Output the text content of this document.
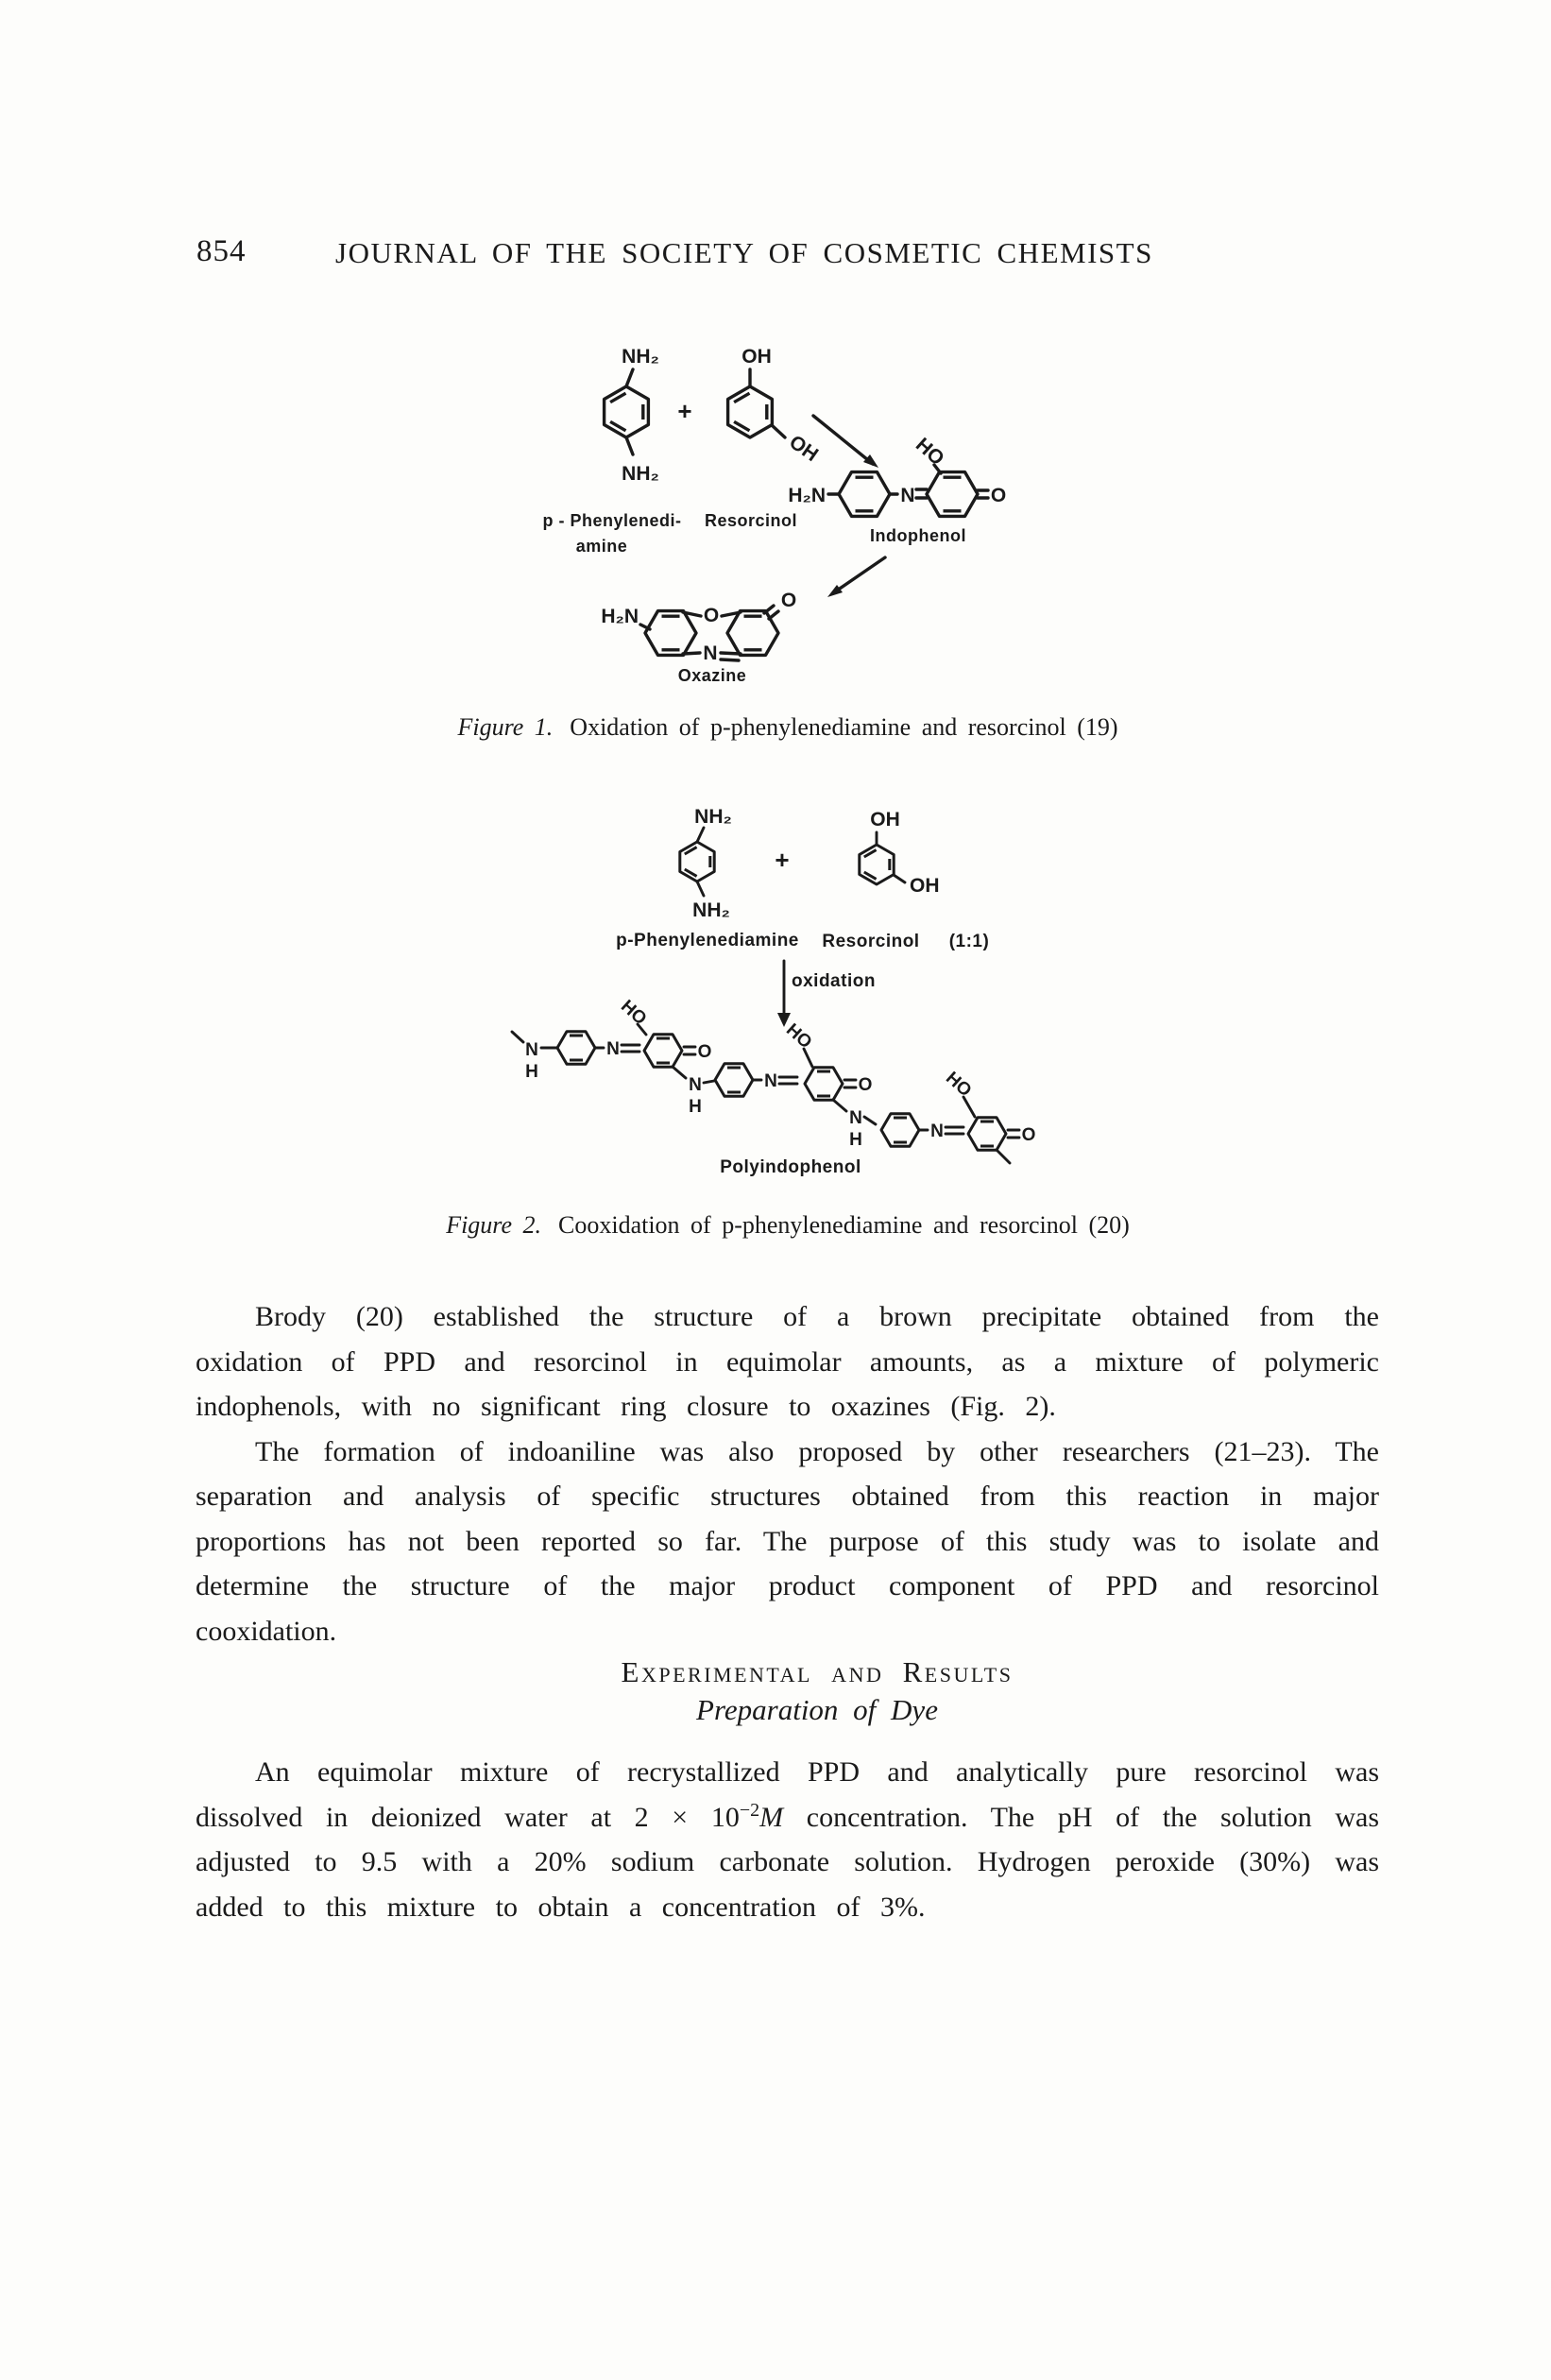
854	JOURNAL OF THE SOCIETY OF COSMETIC CHEMISTS
NH₂
NH₂
p - Phenylenedi-
amine
+
OH
OH
Resorcinol
H₂N	N
HO
O
Indophenol
H₂N	O
N
O
Oxazine
Figure 1. Oxidation of p-phenylenediamine and resorcinol (19)
NH₂
NH₂
p-Phenylenediamine
+
OH
OH
Resorcinol (1:1)
oxidation
N
H
N
HO
O
N
H
N
HO
O
N
H	N
HO
O
Polyindophenol
Figure 2. Cooxidation of p-phenylenediamine and resorcinol (20)

Brody (20) established the structure of a brown precipitate obtained from the oxidation of PPD and resorcinol in equimolar amounts, as a mixture of polymeric indophenols, with no significant ring closure to oxazines (Fig. 2).

The formation of indoaniline was also proposed by other researchers (21–23). The separation and analysis of specific structures obtained from this reaction in major proportions has not been reported so far. The purpose of this study was to isolate and determine the structure of the major product component of PPD and resorcinol cooxidation.

Experimental and Results

Preparation of Dye

An equimolar mixture of recrystallized PPD and analytically pure resorcinol was dissolved in deionized water at $2 \times 10^{-2}M$ concentration. The pH of the solution was adjusted to 9.5 with a 20% sodium carbonate solution. Hydrogen peroxide (30%) was added to this mixture to obtain a concentration of 3%.
